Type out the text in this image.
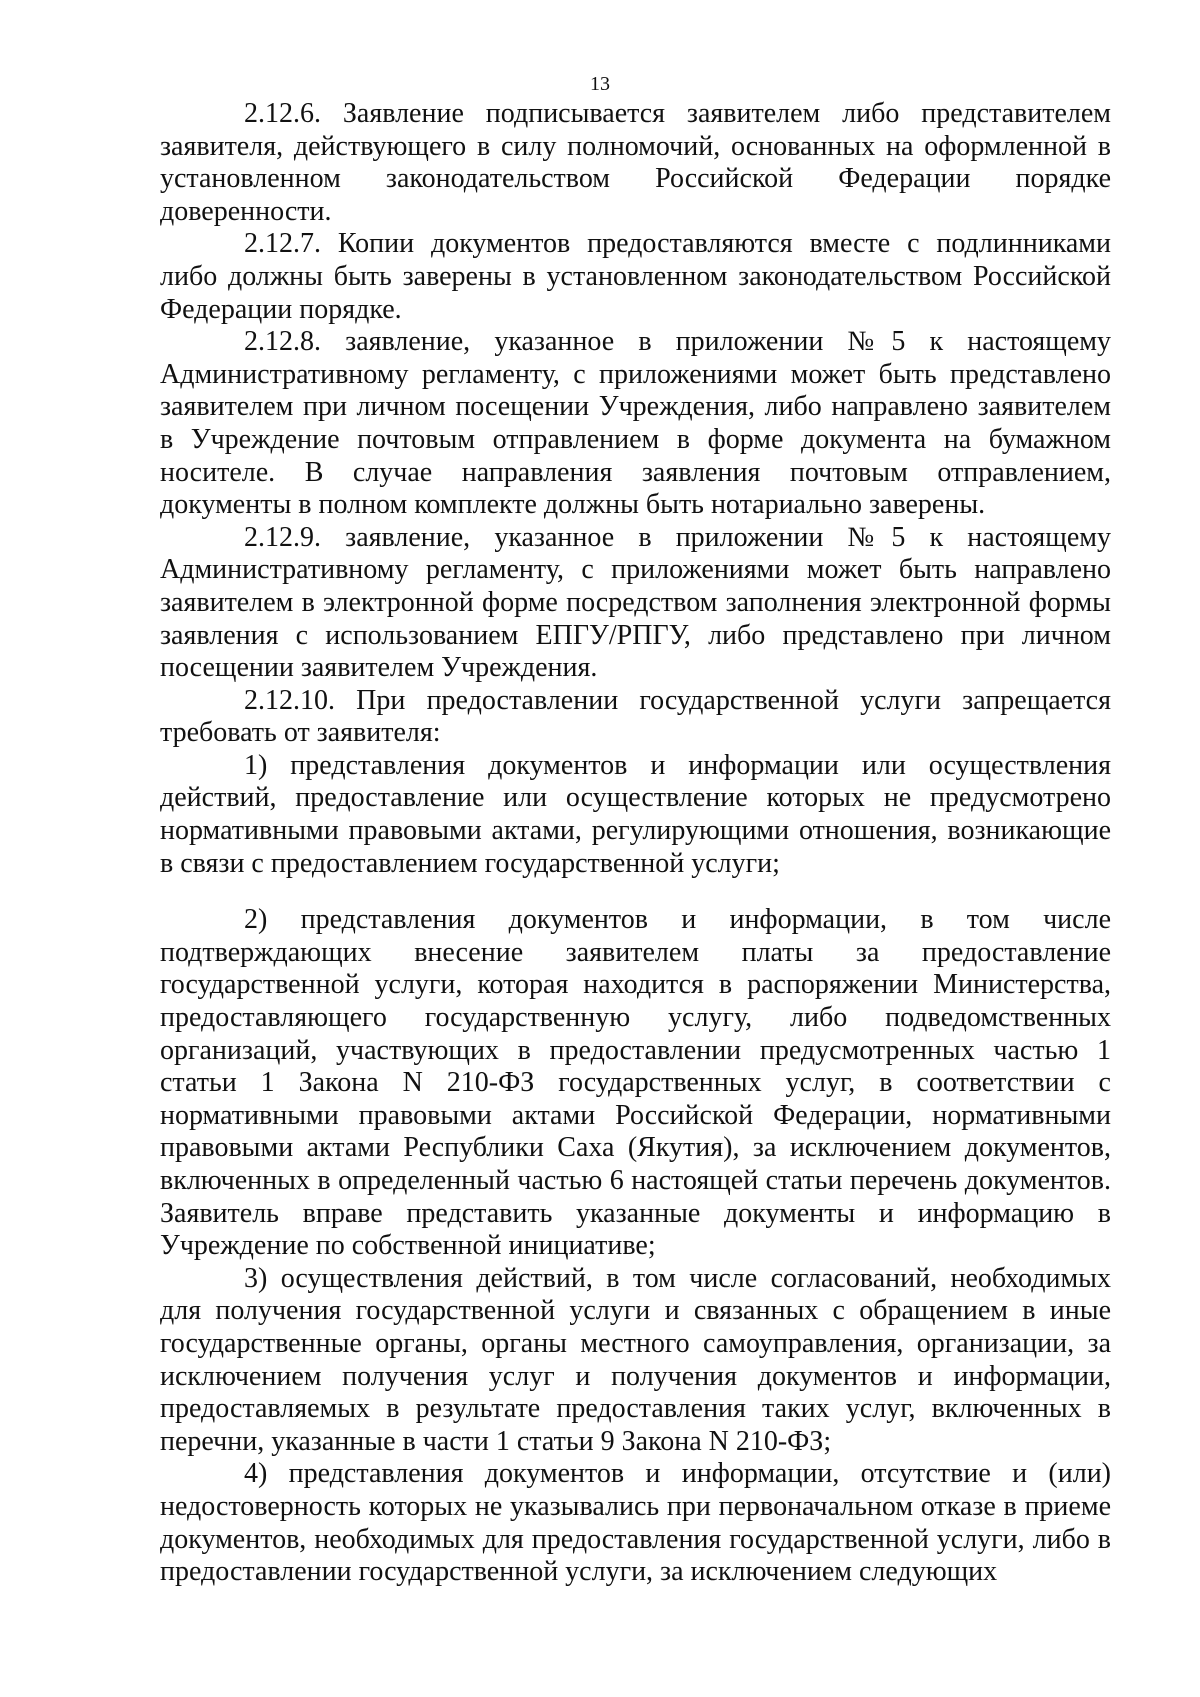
13

2.12.6. Заявление подписывается заявителем либо представителем заявителя, действующего в силу полномочий, основанных на оформленной в установленном законодательством Российской Федерации порядке доверенности.

2.12.7. Копии документов предоставляются вместе с подлинниками либо должны быть заверены в установленном законодательством Российской Федерации порядке.

2.12.8. заявление, указанное в приложении №5 к настоящему Административному регламенту, с приложениями может быть представлено заявителем при личном посещении Учреждения, либо направлено заявителем в Учреждение почтовым отправлением в форме документа на бумажном носителе. В случае направления заявления почтовым отправлением, документы в полном комплекте должны быть нотариально заверены.

2.12.9. заявление, указанное в приложении №5 к настоящему Административному регламенту, с приложениями может быть направлено заявителем в электронной форме посредством заполнения электронной формы заявления с использованием ЕПГУ/РПГУ, либо представлено при личном посещении заявителем Учреждения.

2.12.10. При предоставлении государственной услуги запрещается требовать от заявителя:

1) представления документов и информации или осуществления действий, предоставление или осуществление которых не предусмотрено нормативными правовыми актами, регулирующими отношения, возникающие в связи с предоставлением государственной услуги;

2) представления документов и информации, в том числе подтверждающих внесение заявителем платы за предоставление государственной услуги, которая находится в распоряжении Министерства, предоставляющего государственную услугу, либо подведомственных организаций, участвующих в предоставлении предусмотренных частью 1 статьи 1 Закона N 210-ФЗ государственных услуг, в соответствии с нормативными правовыми актами Российской Федерации, нормативными правовыми актами Республики Саха (Якутия), за исключением документов, включенных в определенный частью 6 настоящей статьи перечень документов. Заявитель вправе представить указанные документы и информацию в Учреждение по собственной инициативе;

3) осуществления действий, в том числе согласований, необходимых для получения государственной услуги и связанных с обращением в иные государственные органы, органы местного самоуправления, организации, за исключением получения услуг и получения документов и информации, предоставляемых в результате предоставления таких услуг, включенных в перечни, указанные в части 1 статьи 9 Закона N 210-ФЗ;

4) представления документов и информации, отсутствие и (или) недостоверность которых не указывались при первоначальном отказе в приеме документов, необходимых для предоставления государственной услуги, либо в предоставлении государственной услуги, за исключением следующих
